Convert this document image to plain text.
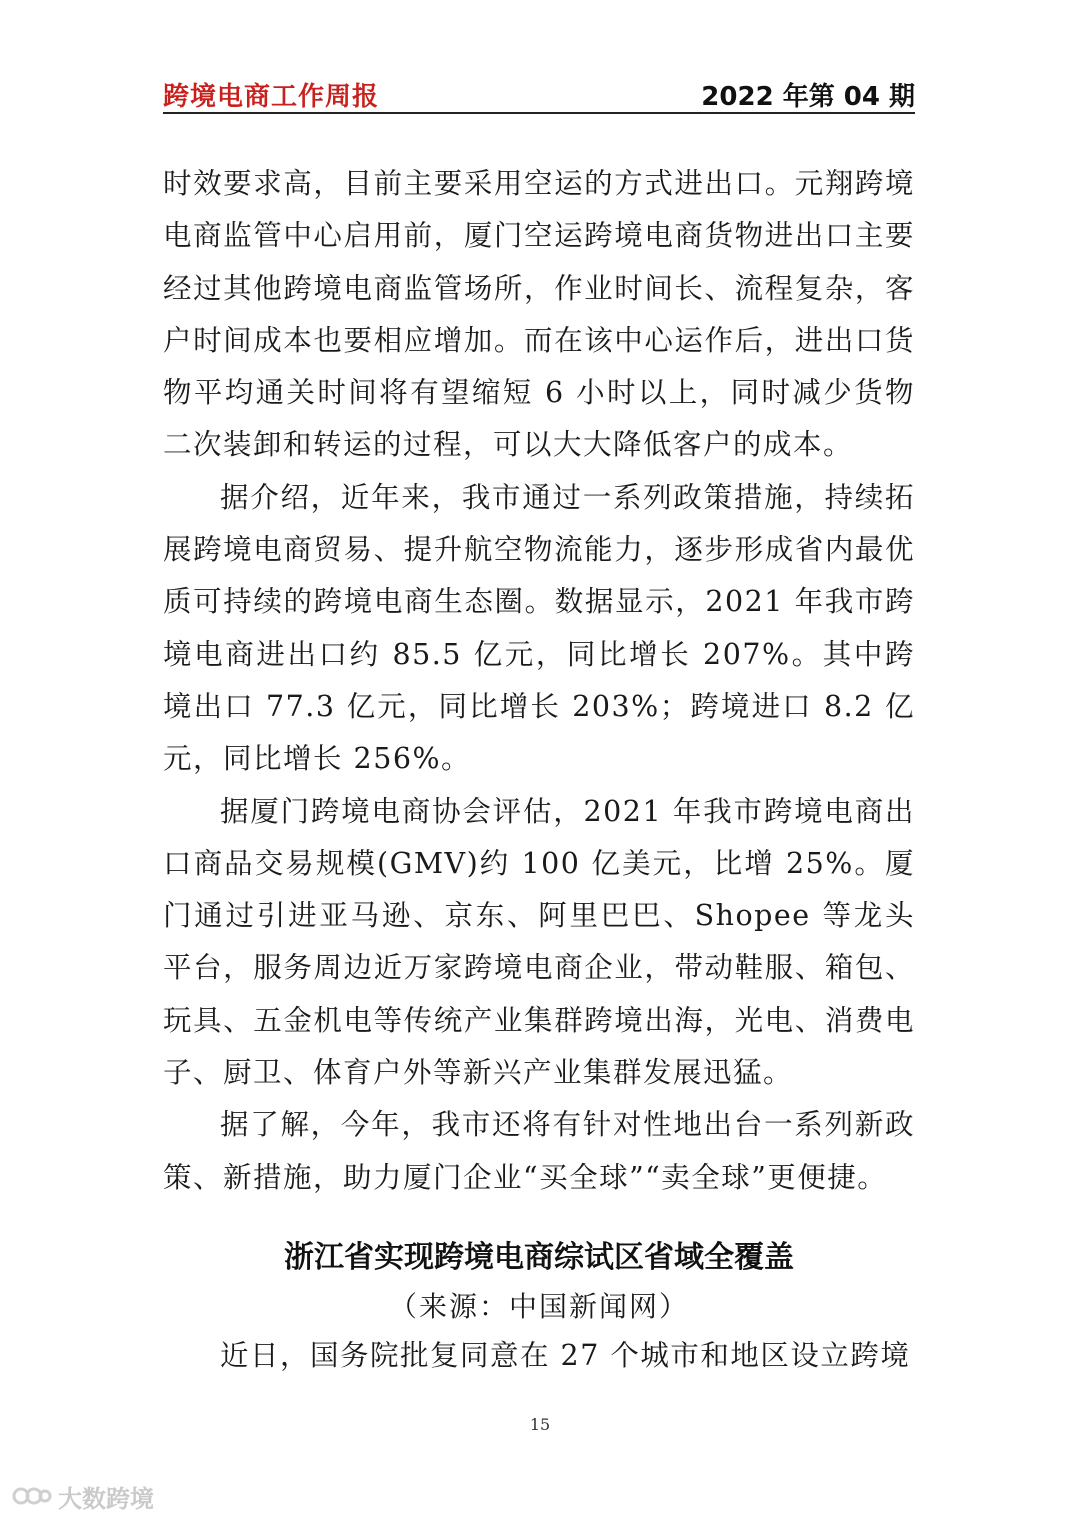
跨境电商工作周报	2022 年第 04 期

时效要求高，目前主要采用空运的方式进出口。元翔跨境电商监管中心启用前，厦门空运跨境电商货物进出口主要经过其他跨境电商监管场所，作业时间长、流程复杂，客户时间成本也要相应增加。而在该中心运作后，进出口货物平均通关时间将有望缩短 6 小时以上，同时减少货物二次装卸和转运的过程，可以大大降低客户的成本。

据介绍，近年来，我市通过一系列政策措施，持续拓展跨境电商贸易、提升航空物流能力，逐步形成省内最优质可持续的跨境电商生态圈。数据显示，2021 年我市跨境电商进出口约 85.5 亿元，同比增长 207%。其中跨境出口 77.3 亿元，同比增长 203%；跨境进口 8.2 亿元，同比增长 256%。

据厦门跨境电商协会评估，2021 年我市跨境电商出口商品交易规模(GMV)约 100 亿美元，比增 25%。厦门通过引进亚马逊、京东、阿里巴巴、Shopee 等龙头平台，服务周边近万家跨境电商企业，带动鞋服、箱包、玩具、五金机电等传统产业集群跨境出海，光电、消费电子、厨卫、体育户外等新兴产业集群发展迅猛。

据了解，今年，我市还将有针对性地出台一系列新政策、新措施，助力厦门企业“买全球”“卖全球”更便捷。

浙江省实现跨境电商综试区省域全覆盖
（来源：中国新闻网）

近日，国务院批复同意在 27 个城市和地区设立跨境

15
大数跨境
